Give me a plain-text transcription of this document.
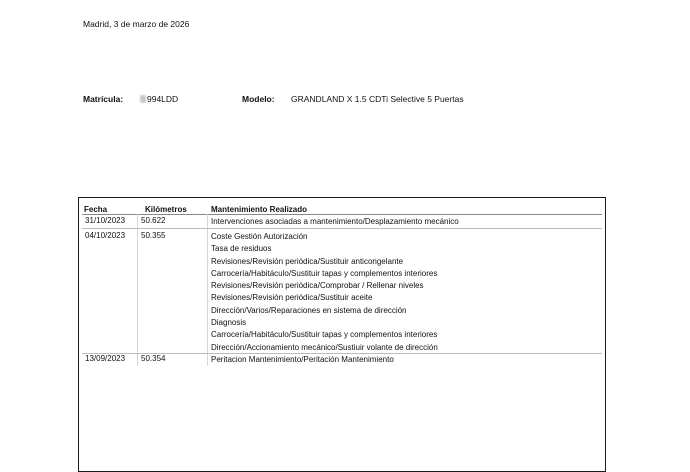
Madrid, 3 de marzo de 2026
Matrícula:	994LDD	Modelo: GRANDLAND X 1.5 CDTi Selective 5 Puertas
Fecha	Kilómetros	Mantenimiento Realizado
31/10/2023 50.622	Intervenciones asociadas a mantenimiento/Desplazamiento mecánico
04/10/2023 50.355	Coste Gestión Autorización
Tasa de residuos
Revisiones/Revisión periódica/Sustituir anticongelante
Carrocería/Habitáculo/Sustituir tapas y complementos interiores
Revisiones/Revisión periódica/Comprobar / Rellenar niveles
Revisiones/Revisión periódica/Sustituir aceite
Dirección/Varios/Reparaciones en sistema de dirección
Diagnosis
Carrocería/Habitáculo/Sustituir tapas y complementos interiores
Dirección/Accionamiento mecánico/Sustiuir volante de dirección
13/09/2023 50.354	Peritacion Mantenimiento/Peritación Mantenimiento
